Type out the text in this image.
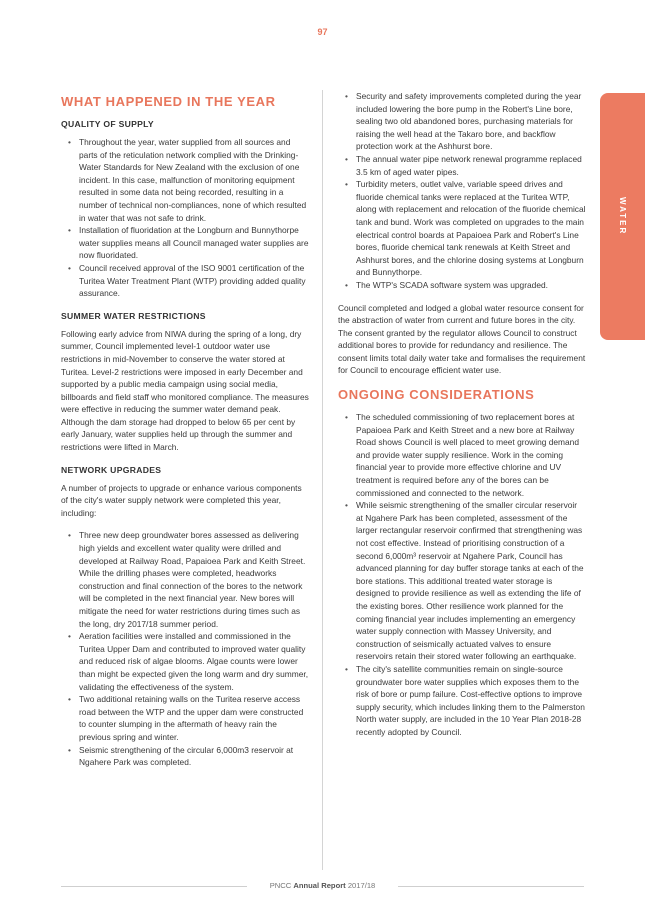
97
WATER
WHAT HAPPENED IN THE YEAR
QUALITY OF SUPPLY
• Throughout the year, water supplied from all sources and parts of the reticulation network complied with the Drinking-Water Standards for New Zealand with the exclusion of one incident. In this case, malfunction of monitoring equipment resulted in some data not being recorded, resulting in a number of technical non-compliances, none of which resulted in water that was not safe to drink.
• Installation of fluoridation at the Longburn and Bunnythorpe water supplies means all Council managed water supplies are now fluoridated.
• Council received approval of the ISO 9001 certification of the Turitea Water Treatment Plant (WTP) providing added quality assurance.
SUMMER WATER RESTRICTIONS

Following early advice from NIWA during the spring of a long, dry summer, Council implemented level-1 outdoor water use restrictions in mid-November to conserve the water stored at Turitea. Level-2 restrictions were imposed in early December and supported by a public media campaign using social media, billboards and field staff who monitored compliance. The measures were effective in reducing the summer water demand peak. Although the dam storage had dropped to below 65 per cent by early January, water supplies held up through the summer and restrictions were lifted in March.

NETWORK UPGRADES

A number of projects to upgrade or enhance various components of the city's water supply network were completed this year, including:

• Three new deep groundwater bores assessed as delivering high yields and excellent water quality were drilled and developed at Railway Road, Papaioea Park and Keith Street. While the drilling phases were completed, headworks construction and final connection of the bores to the network will be completed in the next financial year. New bores will mitigate the need for water restrictions during times such as the long, dry 2017/18 summer period.
• Aeration facilities were installed and commissioned in the Turitea Upper Dam and contributed to improved water quality and reduced risk of algae blooms. Algae counts were lower than might be expected given the long warm and dry summer, validating the effectiveness of the system.
• Two additional retaining walls on the Turitea reserve access road between the WTP and the upper dam were constructed to counter slumping in the aftermath of heavy rain the previous spring and winter.
• Seismic strengthening of the circular 6,000m3 reservoir at Ngahere Park was completed.
• Security and safety improvements completed during the year included lowering the bore pump in the Robert's Line bore, sealing two old abandoned bores, purchasing materials for raising the well head at the Takaro bore, and backflow protection work at the Ashhurst bore.
• The annual water pipe network renewal programme replaced 3.5 km of aged water pipes.
• Turbidity meters, outlet valve, variable speed drives and fluoride chemical tanks were replaced at the Turitea WTP, along with replacement and relocation of the fluoride chemical tank and bund. Work was completed on upgrades to the main electrical control boards at Papaioea Park and Robert's Line bores, fluoride chemical tank renewals at Keith Street and Ashhurst bores, and the chlorine dosing systems at Longburn and Bunnythorpe.
• The WTP's SCADA software system was upgraded.

Council completed and lodged a global water resource consent for the abstraction of water from current and future bores in the city. The consent granted by the regulator allows Council to construct additional bores to provide for redundancy and resilience. The consent limits total daily water take and formalises the requirement for Council to encourage efficient water use.

ONGOING CONSIDERATIONS
• The scheduled commissioning of two replacement bores at Papaioea Park and Keith Street and a new bore at Railway Road shows Council is well placed to meet growing demand and provide water supply resilience. Work in the coming financial year to provide more effective chlorine and UV treatment is required before any of the bores can be commissioned and connected to the network.
• While seismic strengthening of the smaller circular reservoir at Ngahere Park has been completed, assessment of the larger rectangular reservoir confirmed that strengthening was not cost effective. Instead of prioritising construction of a second 6,000m³ reservoir at Ngahere Park, Council has advanced planning for day buffer storage tanks at each of the bore stations. This additional treated water storage is designed to provide resilience as well as extending the life of the existing bores. Other resilience work planned for the coming financial year includes implementing an emergency water supply connection with Massey University, and construction of seismically actuated valves to ensure reservoirs retain their stored water following an earthquake.
• The city's satellite communities remain on single-source groundwater bore water supplies which exposes them to the risk of bore or pump failure. Cost-effective options to improve supply security, which includes linking them to the Palmerston North water supply, are included in the 10 Year Plan 2018-28 recently adopted by Council.
PNCC Annual Report 2017/18
